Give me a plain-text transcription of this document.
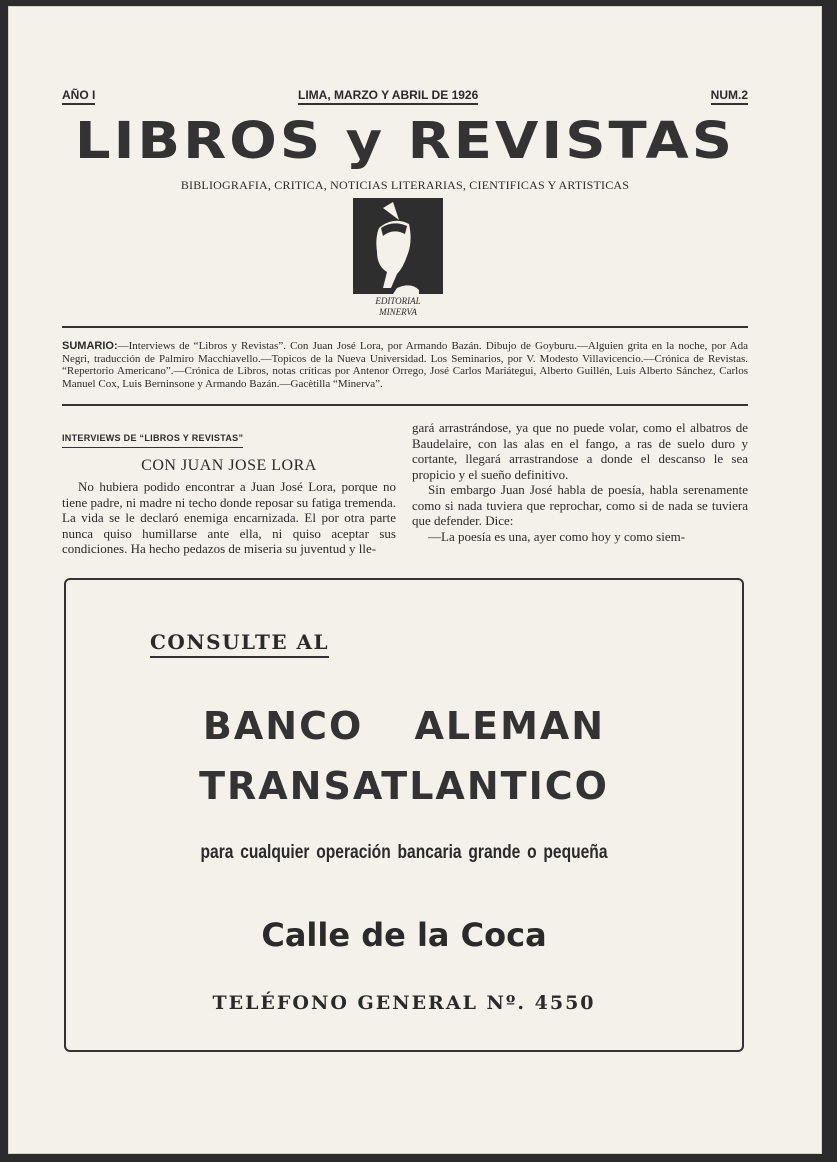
AÑO I	LIMA, MARZO Y ABRIL DE 1926	NUM.2
LIBROS y REVISTAS
BIBLIOGRAFIA, CRITICA, NOTICIAS LITERARIAS, CIENTIFICAS Y ARTISTICAS
EDITORIAL
MINERVA
SUMARIO:—Interviews de “Libros y Revistas”. Con Juan José Lora, por Armando Bazán. Dibujo de Goyburu.—Alguien grita en la noche, por Ada Negri, traducción de Palmiro Macchiavello.—Topicos de la Nueva Universidad. Los Seminarios, por V. Modesto Villavicencio.—Crónica de Revistas. “Repertorio Americano”.—Crónica de Libros, notas críticas por Antenor Orrego, José Carlos Mariátegui, Alberto Guillén, Luis Alberto Sánchez, Carlos Manuel Cox, Luis Berninsone y Armando Bazán.—Gacètilla “Minerva”.
INTERVIEWS DE “LIBROS Y REVISTAS”
CON JUAN JOSE LORA

No hubiera podido encontrar a Juan José Lora, porque no tiene padre, ni madre ni techo donde reposar su fatiga tremenda. La vida se le declaró enemiga encarnizada. El por otra parte nunca quiso humillarse ante ella, ni quiso aceptar sus condiciones. Ha hecho pedazos de miseria su juventud y lle-

gará arrastrándose, ya que no puede volar, como el albatros de Baudelaire, con las alas en el fango, a ras de suelo duro y cortante, llegará arrastrandose a donde el descanso le sea propicio y el sueño definitivo.

Sin embargo Juan José habla de poesía, habla serenamente como si nada tuviera que reprochar, como si de nada se tuviera que defender. Dice:

—La poesía es una, ayer como hoy y como siem-

CONSULTE AL
BANCO ALEMAN
TRANSATLANTICO
para cualquier operación bancaria grande o pequeña
Calle de la Coca
TELÉFONO GENERAL Nº. 4550
